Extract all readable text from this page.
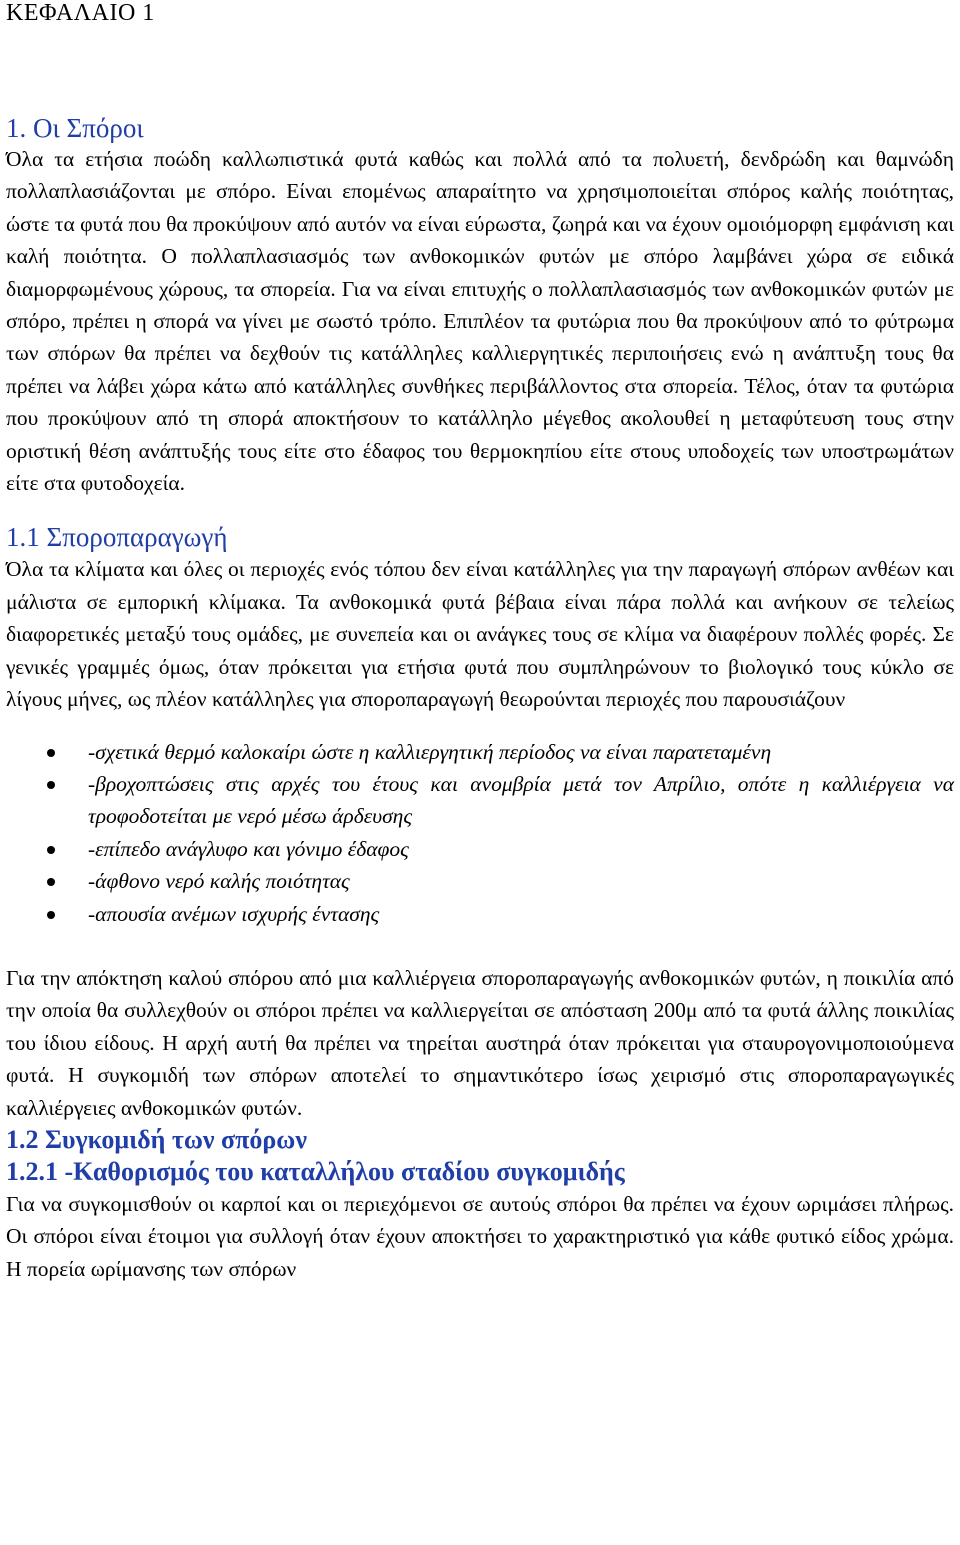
ΚΕΦΑΛΑΙΟ 1
1. Οι Σπόροι

Όλα τα ετήσια ποώδη καλλωπιστικά φυτά καθώς και πολλά από τα πολυετή, δενδρώδη και θαμνώδη πολλαπλασιάζονται με σπόρο. Είναι επομένως απαραίτητο να χρησιμοποιείται σπόρος καλής ποιότητας, ώστε τα φυτά που θα προκύψουν από αυτόν να είναι εύρωστα, ζωηρά και να έχουν ομοιόμορφη εμφάνιση και καλή ποιότητα. Ο πολλαπλασιασμός των ανθοκομικών φυτών με σπόρο λαμβάνει χώρα σε ειδικά διαμορφωμένους χώρους, τα σπορεία. Για να είναι επιτυχής ο πολλαπλασιασμός των ανθοκομικών φυτών με σπόρο, πρέπει η σπορά να γίνει με σωστό τρόπο. Επιπλέον τα φυτώρια που θα προκύψουν από το φύτρωμα των σπόρων θα πρέπει να δεχθούν τις κατάλληλες καλλιεργητικές περιποιήσεις ενώ η ανάπτυξη τους θα πρέπει να λάβει χώρα κάτω από κατάλληλες συνθήκες περιβάλλοντος στα σπορεία. Τέλος, όταν τα φυτώρια που προκύψουν από τη σπορά αποκτήσουν το κατάλληλο μέγεθος ακολουθεί η μεταφύτευση τους στην οριστική θέση ανάπτυξής τους είτε στο έδαφος του θερμοκηπίου είτε στους υποδοχείς των υποστρωμάτων είτε στα φυτοδοχεία.

1.1 Σποροπαραγωγή

Όλα τα κλίματα και όλες οι περιοχές ενός τόπου δεν είναι κατάλληλες για την παραγωγή σπόρων ανθέων και μάλιστα σε εμπορική κλίμακα. Τα ανθοκομικά φυτά βέβαια είναι πάρα πολλά και ανήκουν σε τελείως διαφορετικές μεταξύ τους ομάδες, με συνεπεία και οι ανάγκες τους σε κλίμα να διαφέρουν πολλές φορές. Σε γενικές γραμμές όμως, όταν πρόκειται για ετήσια φυτά που συμπληρώνουν το βιολογικό τους κύκλο σε λίγους μήνες, ως πλέον κατάλληλες για σποροπαραγωγή θεωρούνται περιοχές που παρουσιάζουν

-σχετικά θερμό καλοκαίρι ώστε η καλλιεργητική περίοδος να είναι παρατεταμένη
-βροχοπτώσεις στις αρχές του έτους και ανομβρία μετά τον Απρίλιο, οπότε η καλλιέργεια να τροφοδοτείται με νερό μέσω άρδευσης
-επίπεδο ανάγλυφο και γόνιμο έδαφος
-άφθονο νερό καλής ποιότητας
-απουσία ανέμων ισχυρής έντασης

Για την απόκτηση καλού σπόρου από μια καλλιέργεια σποροπαραγωγής ανθοκομικών φυτών, η ποικιλία από την οποία θα συλλεχθούν οι σπόροι πρέπει να καλλιεργείται σε απόσταση 200μ από τα φυτά άλλης ποικιλίας του ίδιου είδους. Η αρχή αυτή θα πρέπει να τηρείται αυστηρά όταν πρόκειται για σταυρογονιμοποιούμενα φυτά. Η συγκομιδή των σπόρων αποτελεί το σημαντικότερο ίσως χειρισμό στις σποροπαραγωγικές καλλιέργειες ανθοκομικών φυτών.

1.2 Συγκομιδή των σπόρων
1.2.1 -Καθορισμός του καταλλήλου σταδίου συγκομιδής

Για να συγκομισθούν οι καρποί και οι περιεχόμενοι σε αυτούς σπόροι θα πρέπει να έχουν ωριμάσει πλήρως. Οι σπόροι είναι έτοιμοι για συλλογή όταν έχουν αποκτήσει το χαρακτηριστικό για κάθε φυτικό είδος χρώμα. Η πορεία ωρίμανσης των σπόρων
